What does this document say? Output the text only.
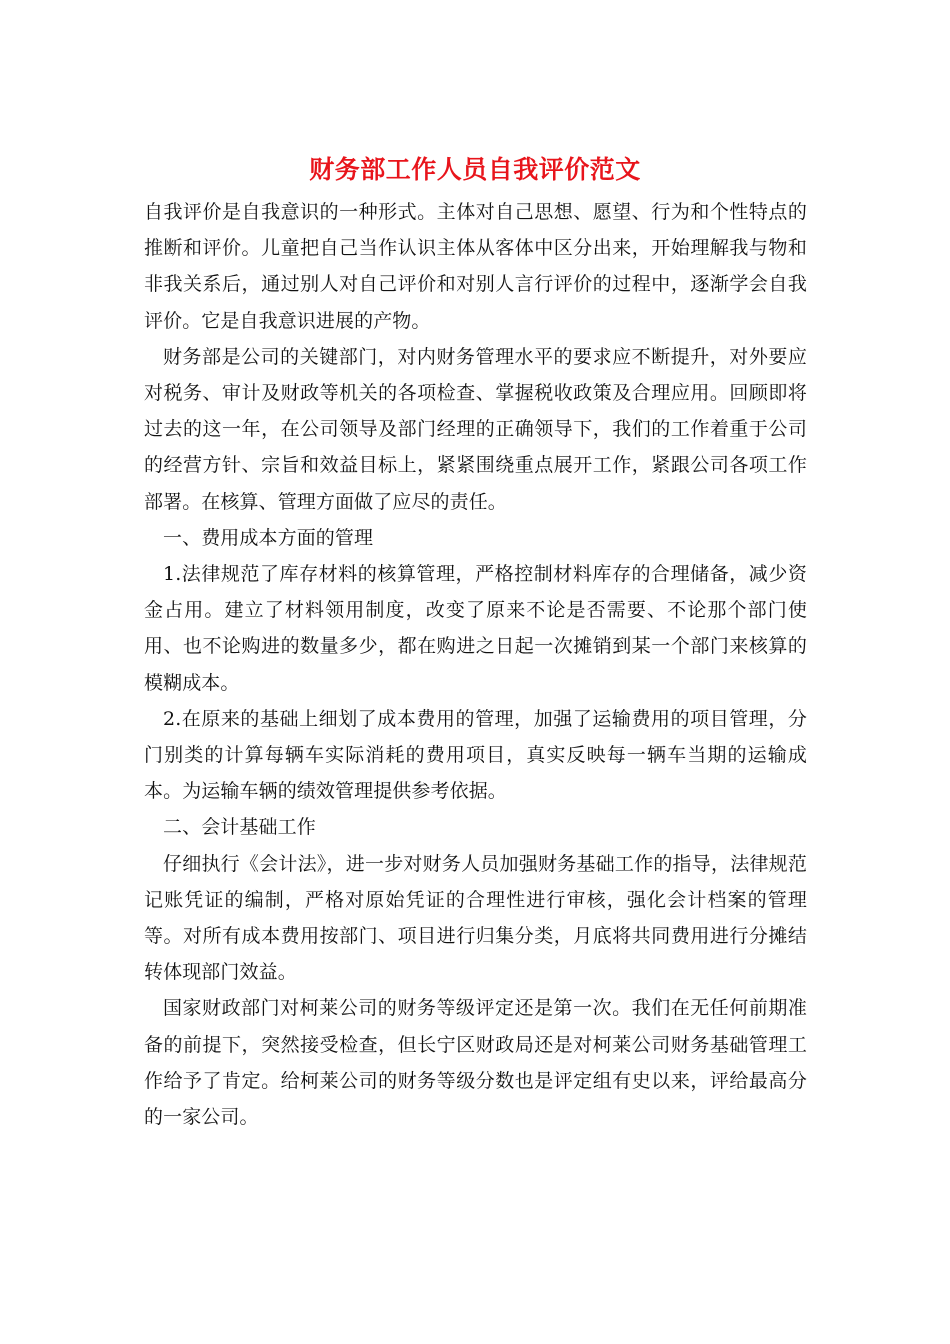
财务部工作人员自我评价范文

自我评价是自我意识的一种形式。主体对自己思想、愿望、行为和个性特点的推断和评价。儿童把自己当作认识主体从客体中区分出来，开始理解我与物和非我关系后，通过别人对自己评价和对别人言行评价的过程中，逐渐学会自我评价。它是自我意识进展的产物。

财务部是公司的关键部门，对内财务管理水平的要求应不断提升，对外要应对税务、审计及财政等机关的各项检查、掌握税收政策及合理应用。回顾即将过去的这一年，在公司领导及部门经理的正确领导下，我们的工作着重于公司的经营方针、宗旨和效益目标上，紧紧围绕重点展开工作，紧跟公司各项工作部署。在核算、管理方面做了应尽的责任。

一、费用成本方面的管理

1.法律规范了库存材料的核算管理，严格控制材料库存的合理储备，减少资金占用。建立了材料领用制度，改变了原来不论是否需要、不论那个部门使用、也不论购进的数量多少，都在购进之日起一次摊销到某一个部门来核算的模糊成本。

2.在原来的基础上细划了成本费用的管理，加强了运输费用的项目管理，分门别类的计算每辆车实际消耗的费用项目，真实反映每一辆车当期的运输成本。为运输车辆的绩效管理提供参考依据。

二、会计基础工作

仔细执行《会计法》，进一步对财务人员加强财务基础工作的指导，法律规范记账凭证的编制，严格对原始凭证的合理性进行审核，强化会计档案的管理等。对所有成本费用按部门、项目进行归集分类，月底将共同费用进行分摊结转体现部门效益。

国家财政部门对柯莱公司的财务等级评定还是第一次。我们在无任何前期准备的前提下，突然接受检查，但长宁区财政局还是对柯莱公司财务基础管理工作给予了肯定。给柯莱公司的财务等级分数也是评定组有史以来，评给最高分的一家公司。
